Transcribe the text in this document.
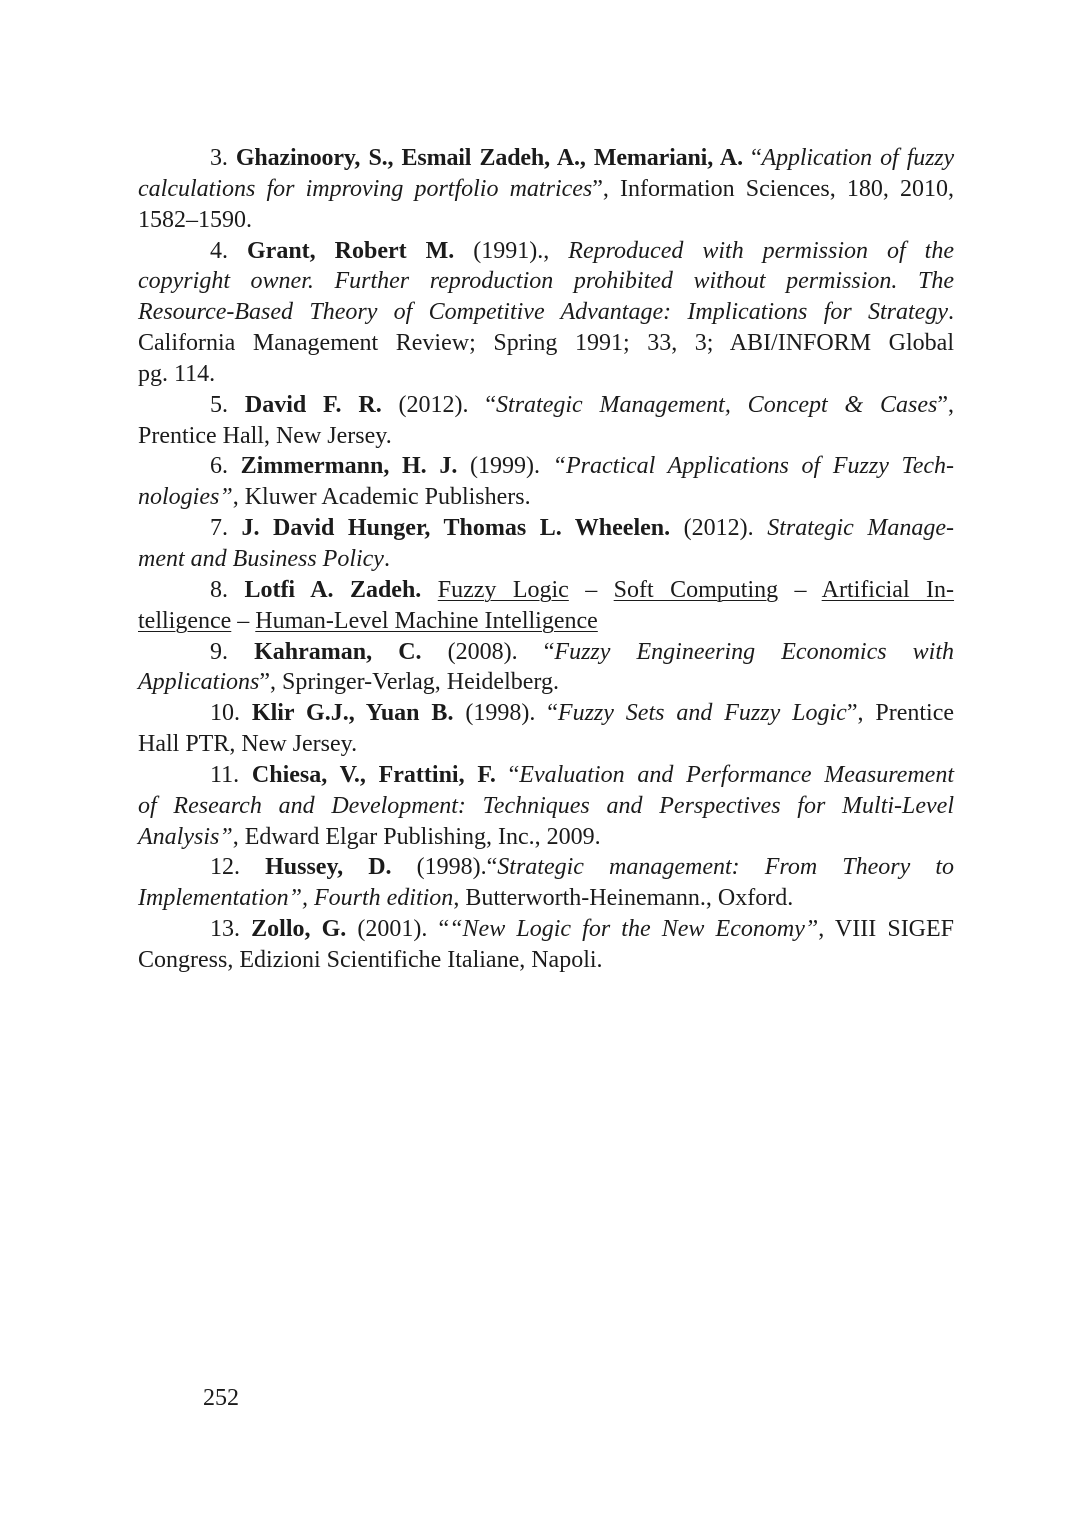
3. Ghazinoory, S., Esmail Zadeh, A., Memariani, A. “Application of fuzzy
calculations for improving portfolio matrices”, Information Sciences, 180, 2010,
1582–1590.
4. Grant, Robert M. (1991)., Reproduced with permission of the
copyright owner. Further reproduction prohibited without permission. The
Resource-Based Theory of Competitive Advantage: Implications for Strategy.
California Management Review; Spring 1991; 33, 3; ABI/INFORM Global
pg. 114.
5. David F. R. (2012). “Strategic Management, Concept & Cases”,
Prentice Hall, New Jersey.
6. Zimmermann, H. J. (1999). “Practical Applications of Fuzzy Tech-
nologies”, Kluwer Academic Publishers.
7. J. David Hunger, Thomas L. Wheelen. (2012). Strategic Manage-
ment and Business Policy.
8. Lotfi A. Zadeh. Fuzzy Logic – Soft Computing – Artificial In-
telligence – Human-Level Machine Intelligence
9. Kahraman, C. (2008). “Fuzzy Engineering Economics with
Applications”, Springer-Verlag, Heidelberg.
10. Klir G.J., Yuan B. (1998). “Fuzzy Sets and Fuzzy Logic”, Prentice
Hall PTR, New Jersey.
11. Chiesa, V., Frattini, F. “Evaluation and Performance Measurement
of Research and Development: Techniques and Perspectives for Multi-Level
Analysis”, Edward Elgar Publishing, Inc., 2009.
12. Hussey, D. (1998).“Strategic management: From Theory to
Implementation”, Fourth edition, Butterworth-Heinemann., Oxford.
13. Zollo, G. (2001). ““New Logic for the New Economy”, VIII SIGEF
Congress, Edizioni Scientifiche Italiane, Napoli.
252
